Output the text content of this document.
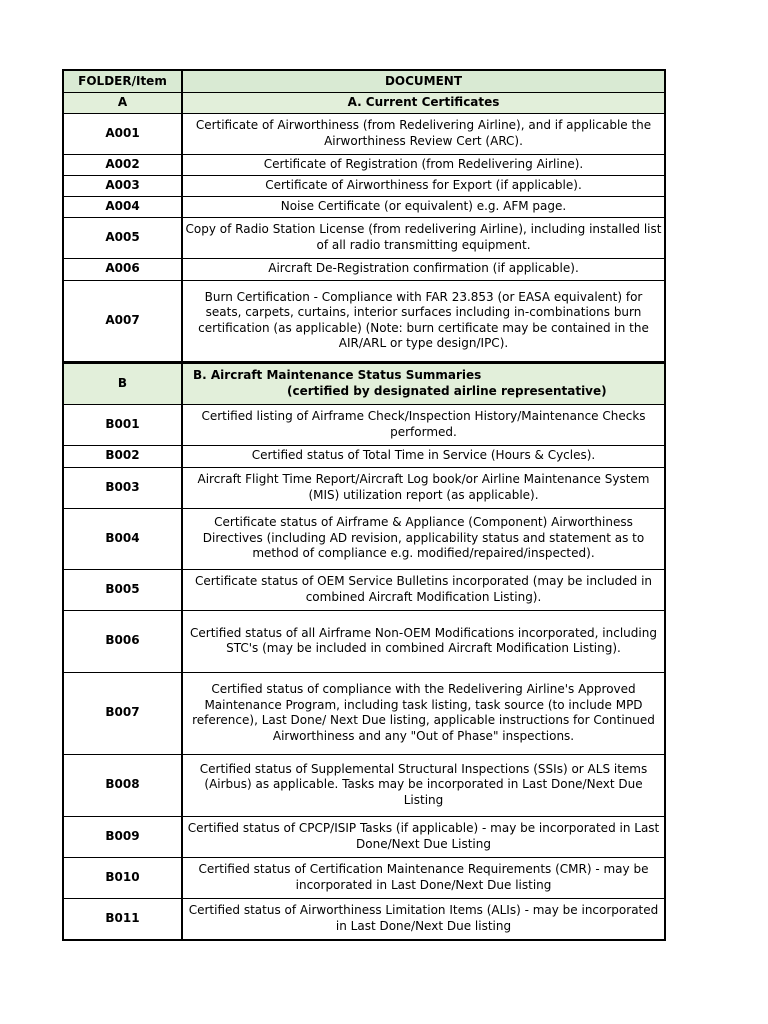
FOLDER/Item	DOCUMENT
A	A. Current Certificates
A001	Certificate of Airworthiness (from Redelivering Airline), and if applicable the Airworthiness Review Cert (ARC).
A002	Certificate of Registration (from Redelivering Airline).
A003	Certificate of Airworthiness for Export (if applicable).
A004	Noise Certificate (or equivalent) e.g. AFM page.
A005	Copy of Radio Station License (from redelivering Airline), including installed list of all radio transmitting equipment.
A006	Aircraft De-Registration confirmation (if applicable).
A007	Burn Certification - Compliance with FAR 23.853 (or EASA equivalent) for seats, carpets, curtains, interior surfaces including in-combinations burn certification (as applicable) (Note: burn certificate may be contained in the AIR/ARL or type design/IPC).
B	B. Aircraft Maintenance Status Summaries
(certified by designated airline representative)

B001	Certified listing of Airframe Check/Inspection History/Maintenance Checks performed.
B002	Certified status of Total Time in Service (Hours & Cycles).
B003	Aircraft Flight Time Report/Aircraft Log book/or Airline Maintenance System (MIS) utilization report (as applicable).
B004	Certificate status of Airframe & Appliance (Component) Airworthiness Directives (including AD revision, applicability status and statement as to method of compliance e.g. modified/repaired/inspected).
B005	Certificate status of OEM Service Bulletins incorporated (may be included in combined Aircraft Modification Listing).
B006	Certified status of all Airframe Non-OEM Modifications incorporated, including STC's (may be included in combined Aircraft Modification Listing).
B007	Certified status of compliance with the Redelivering Airline's Approved Maintenance Program, including task listing, task source (to include MPD reference), Last Done/ Next Due listing, applicable instructions for Continued Airworthiness and any "Out of Phase" inspections.
B008	Certified status of Supplemental Structural Inspections (SSIs) or ALS items (Airbus) as applicable. Tasks may be incorporated in Last Done/Next Due Listing
B009	Certified status of CPCP/ISIP Tasks (if applicable) - may be incorporated in Last Done/Next Due Listing
B010	Certified status of Certification Maintenance Requirements (CMR) - may be incorporated in Last Done/Next Due listing
B011	Certified status of Airworthiness Limitation Items (ALIs) - may be incorporated in Last Done/Next Due listing
